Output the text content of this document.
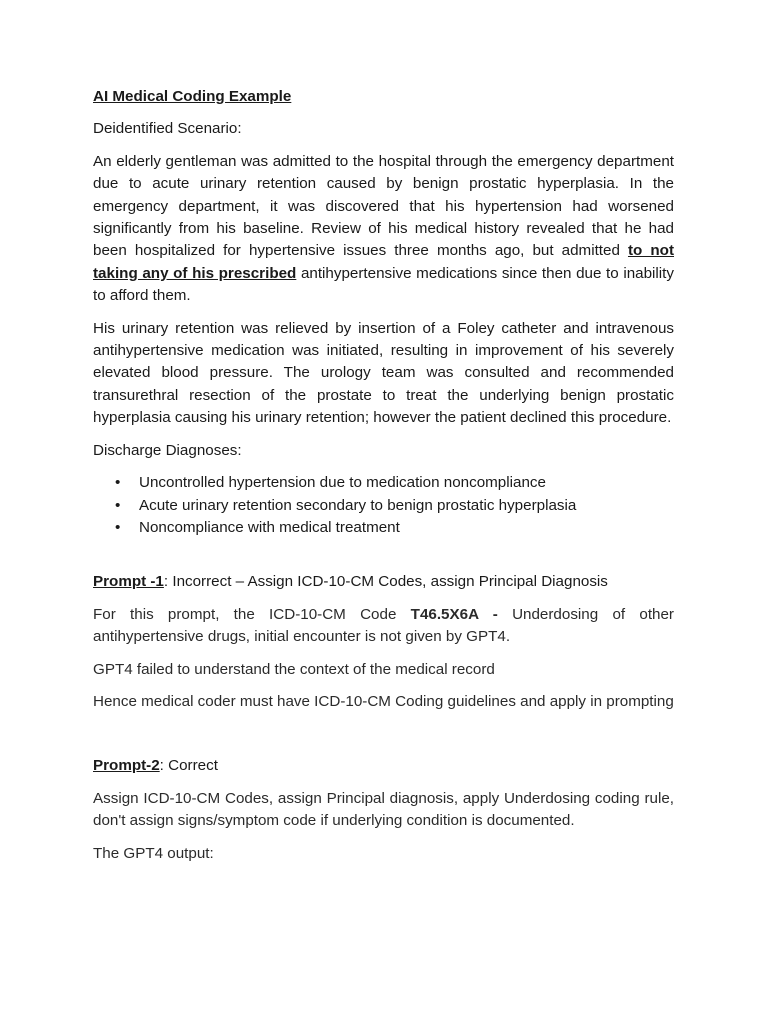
AI Medical Coding Example

Deidentified Scenario:

An elderly gentleman was admitted to the hospital through the emergency department due to acute urinary retention caused by benign prostatic hyperplasia. In the emergency department, it was discovered that his hypertension had worsened significantly from his baseline. Review of his medical history revealed that he had been hospitalized for hypertensive issues three months ago, but admitted to not taking any of his prescribed antihypertensive medications since then due to inability to afford them.

His urinary retention was relieved by insertion of a Foley catheter and intravenous antihypertensive medication was initiated, resulting in improvement of his severely elevated blood pressure. The urology team was consulted and recommended transurethral resection of the prostate to treat the underlying benign prostatic hyperplasia causing his urinary retention; however the patient declined this procedure.

Discharge Diagnoses:

• Uncontrolled hypertension due to medication noncompliance
• Acute urinary retention secondary to benign prostatic hyperplasia
• Noncompliance with medical treatment

Prompt -1: Incorrect – Assign ICD-10-CM Codes, assign Principal Diagnosis

For this prompt, the ICD-10-CM Code T46.5X6A - Underdosing of other antihypertensive drugs, initial encounter is not given by GPT4.

GPT4 failed to understand the context of the medical record

Hence medical coder must have ICD-10-CM Coding guidelines and apply in prompting

Prompt-2: Correct

Assign ICD-10-CM Codes, assign Principal diagnosis, apply Underdosing coding rule, don't assign signs/symptom code if underlying condition is documented.

The GPT4 output:
